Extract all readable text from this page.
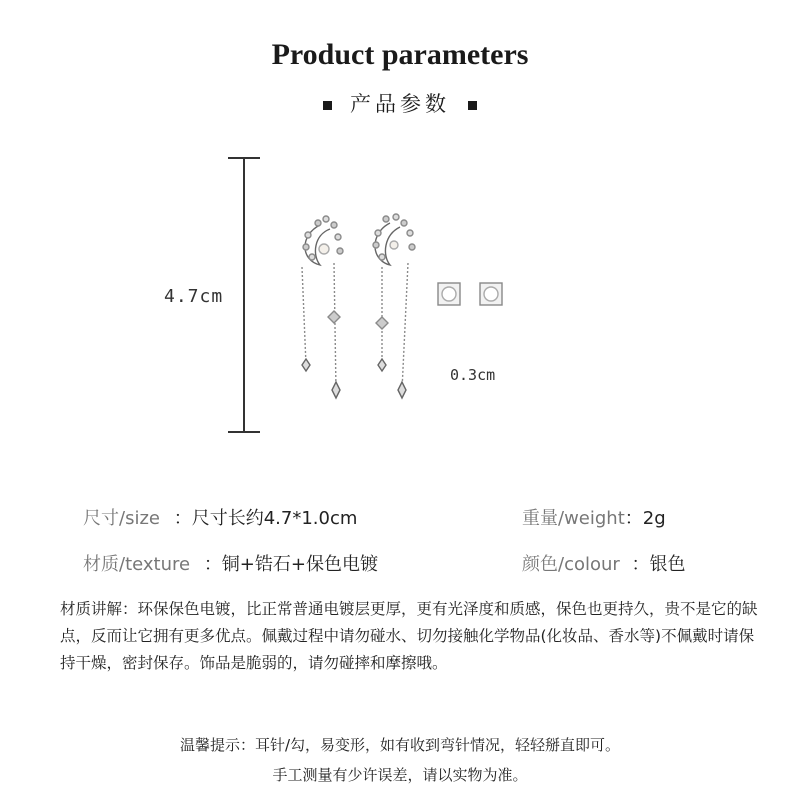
Product parameters
产品参数
4.7cm
0.3cm
尺寸/size ：尺寸长约4.7*1.0cm	重量/weight：2g
材质/texture ：铜+锆石+保色电镀	颜色/colour ：银色
材质讲解：环保保色电镀，比正常普通电镀层更厚，更有光泽度和质感，保色也更持久，贵不是它的缺点，反而让它拥有更多优点。佩戴过程中请勿碰水、切勿接触化学物品(化妆品、香水等)不佩戴时请保持干燥，密封保存。饰品是脆弱的，请勿碰摔和摩擦哦。
温馨提示：耳针/勾，易变形，如有收到弯针情况，轻轻掰直即可。
手工测量有少许误差，请以实物为准。
